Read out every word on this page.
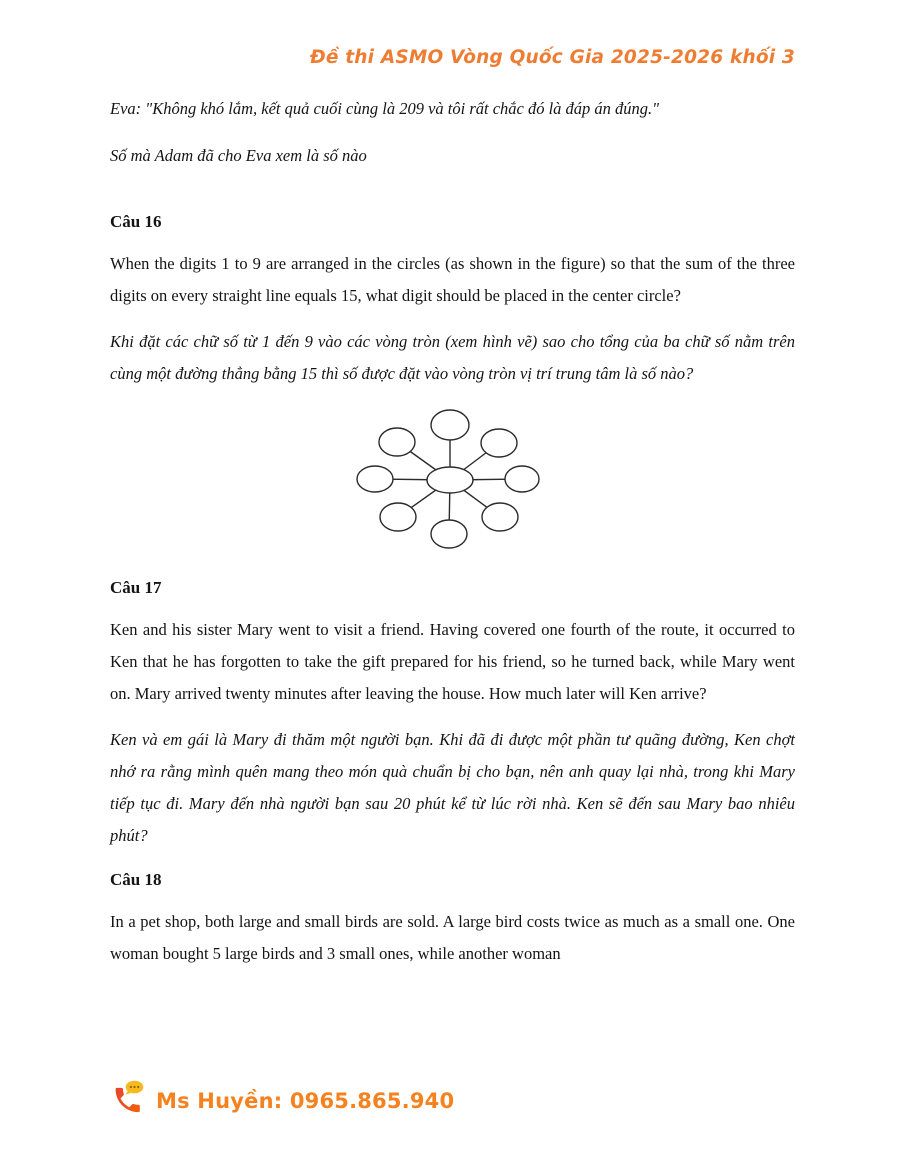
Đề thi ASMO Vòng Quốc Gia 2025-2026 khối 3

Eva: "Không khó lắm, kết quả cuối cùng là 209 và tôi rất chắc đó là đáp án đúng."

Số mà Adam đã cho Eva xem là số nào

Câu 16

When the digits 1 to 9 are arranged in the circles (as shown in the figure) so that the sum of the three digits on every straight line equals 15, what digit should be placed in the center circle?

Khi đặt các chữ số từ 1 đến 9 vào các vòng tròn (xem hình vẽ) sao cho tổng của ba chữ số nằm trên cùng một đường thẳng bằng 15 thì số được đặt vào vòng tròn vị trí trung tâm là số nào?

Câu 17

Ken and his sister Mary went to visit a friend. Having covered one fourth of the route, it occurred to Ken that he has forgotten to take the gift prepared for his friend, so he turned back, while Mary went on. Mary arrived twenty minutes after leaving the house. How much later will Ken arrive?

Ken và em gái là Mary đi thăm một người bạn. Khi đã đi được một phần tư quãng đường, Ken chợt nhớ ra rằng mình quên mang theo món quà chuẩn bị cho bạn, nên anh quay lại nhà, trong khi Mary tiếp tục đi. Mary đến nhà người bạn sau 20 phút kể từ lúc rời nhà. Ken sẽ đến sau Mary bao nhiêu phút?

Câu 18

In a pet shop, both large and small birds are sold. A large bird costs twice as much as a small one. One woman bought 5 large birds and 3 small ones, while another woman

Ms Huyền: 0965.865.940
